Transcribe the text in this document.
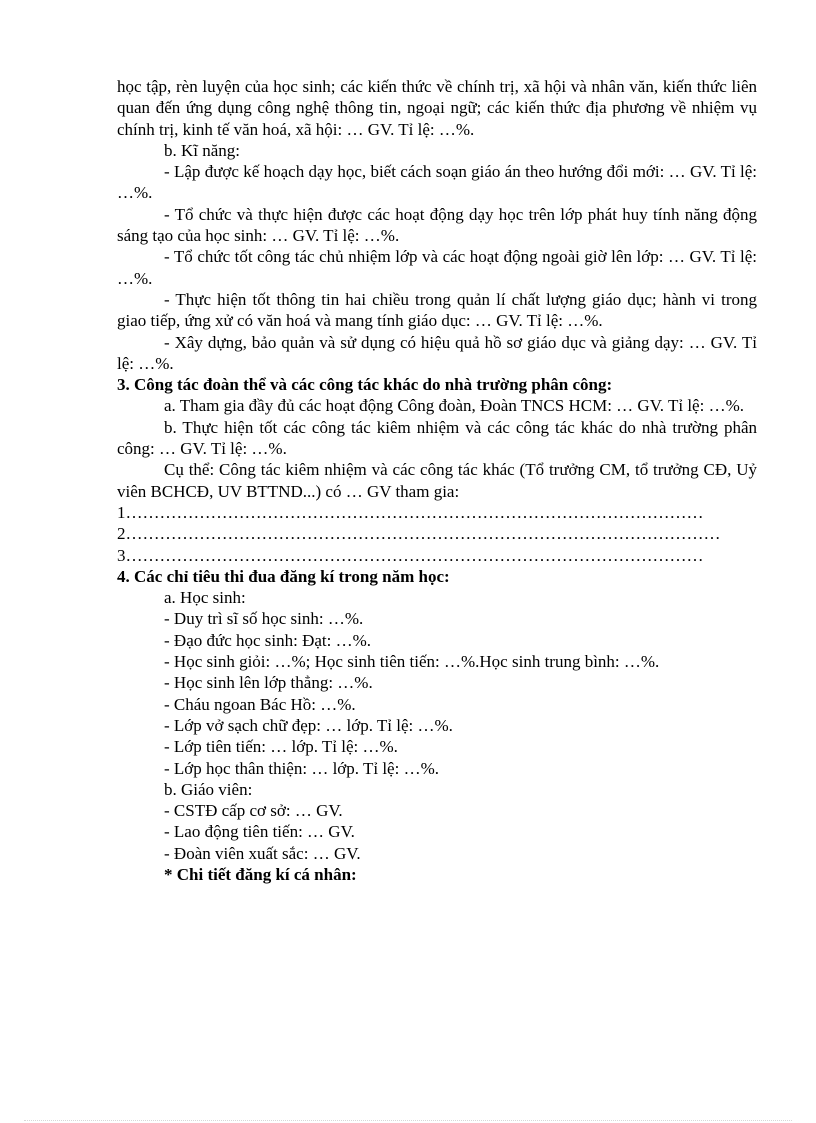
học tập, rèn luyện của học sinh; các kiến thức về chính trị, xã hội và nhân văn, kiến thức liên quan đến ứng dụng công nghệ thông tin, ngoại ngữ; các kiến thức địa phương về nhiệm vụ chính trị, kinh tế văn hoá, xã hội: … GV. Tỉ lệ: …%.

b. Kĩ năng:

- Lập được kế hoạch dạy học, biết cách soạn giáo án theo hướng đổi mới: … GV. Tỉ lệ: …%.

- Tổ chức và thực hiện được các hoạt động dạy học trên lớp phát huy tính năng động sáng tạo của học sinh: … GV. Tỉ lệ: …%.

- Tổ chức tốt công tác chủ nhiệm lớp và các hoạt động ngoài giờ lên lớp: … GV. Tỉ lệ: …%.

- Thực hiện tốt thông tin hai chiều trong quản lí chất lượng giáo dục; hành vi trong giao tiếp, ứng xử có văn hoá và mang tính giáo dục: … GV. Tỉ lệ: …%.

- Xây dựng, bảo quản và sử dụng có hiệu quả hồ sơ giáo dục và giảng dạy: … GV. Tỉ lệ: …%.

3. Công tác đoàn thể và các công tác khác do nhà trường phân công:

a. Tham gia đầy đủ các hoạt động Công đoàn, Đoàn TNCS HCM: … GV. Tỉ lệ: …%.

b. Thực hiện tốt các công tác kiêm nhiệm và các công tác khác do nhà trường phân công: … GV. Tỉ lệ: …%.

Cụ thể: Công tác kiêm nhiệm và các công tác khác (Tổ trưởng CM, tổ trưởng CĐ, Uỷ viên BCHCĐ, UV BTTND...) có … GV tham gia:

1…………………………………………………………………………………………

2……………………………………………………………………………………………

3…………………………………………………………………………………………

4. Các chỉ tiêu thi đua đăng kí trong năm học:

a. Học sinh:

- Duy trì sĩ số học sinh: …%.

- Đạo đức học sinh: Đạt: …%.

- Học sinh giỏi: …%; Học sinh tiên tiến: …%.Học sinh trung bình: …%.

- Học sinh lên lớp thẳng: …%.

- Cháu ngoan Bác Hồ: …%.

- Lớp vở sạch chữ đẹp: … lớp. Tỉ lệ: …%.

- Lớp tiên tiến: … lớp. Tỉ lệ: …%.

- Lớp học thân thiện: … lớp. Tỉ lệ: …%.

b. Giáo viên:

- CSTĐ cấp cơ sở: … GV.

- Lao động tiên tiến: … GV.

- Đoàn viên xuất sắc: … GV.

* Chi tiết đăng kí cá nhân:
